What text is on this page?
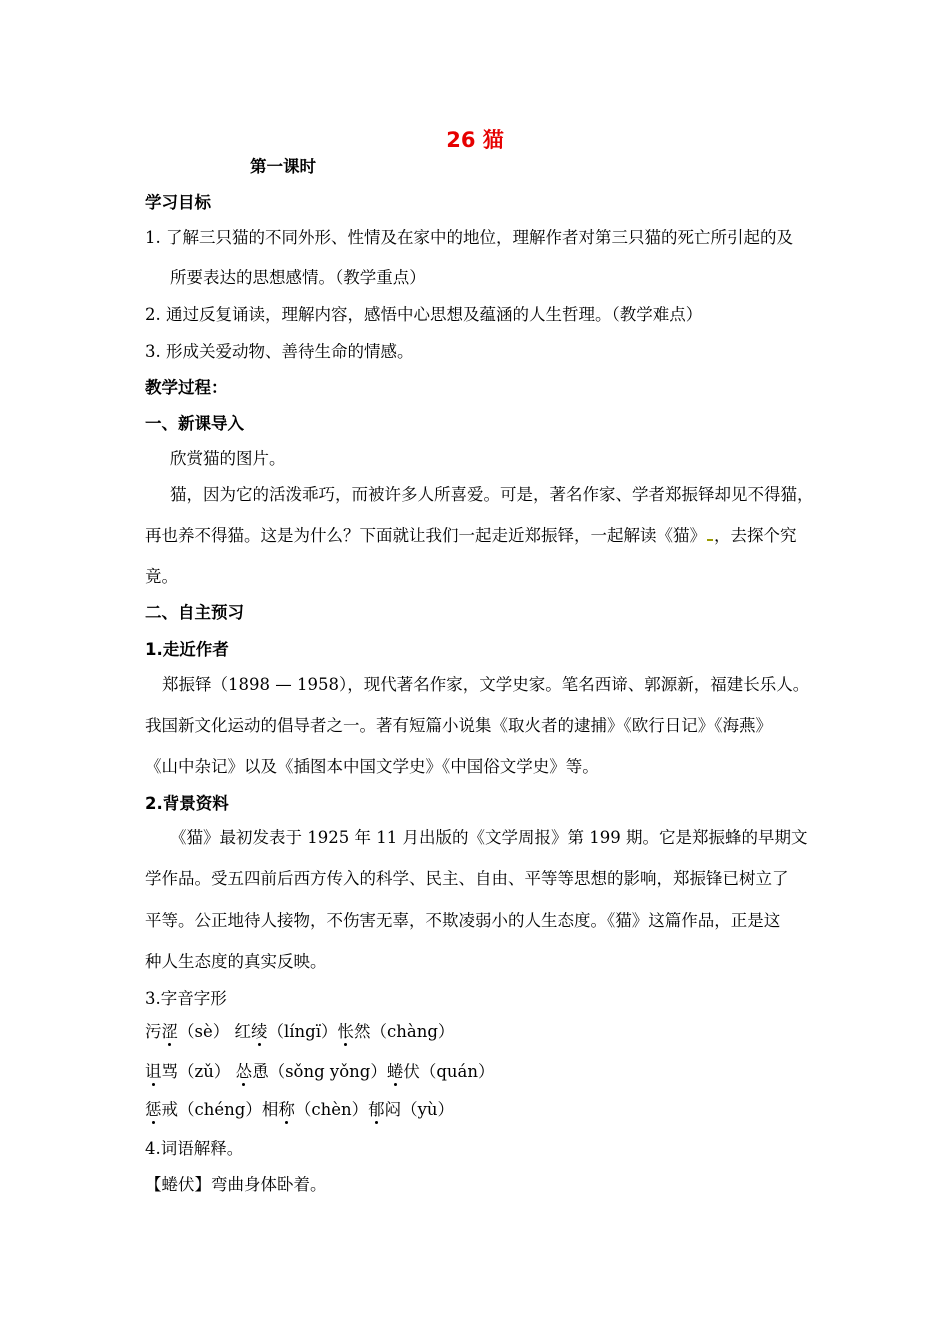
26 猫
第一课时
学习目标
1. 了解三只猫的不同外形、性情及在家中的地位，理解作者对第三只猫的死亡所引起的及
所要表达的思想感情。（教学重点）
2. 通过反复诵读，理解内容，感悟中心思想及蕴涵的人生哲理。（教学难点）
3. 形成关爱动物、善待生命的情感。
教学过程：
一、新课导入
欣赏猫的图片。
猫，因为它的活泼乖巧，而被许多人所喜爱。可是，著名作家、学者郑振铎却见不得猫，
再也养不得猫。这是为什么？下面就让我们一起走近郑振铎，一起解读《猫》 ，去探个究
竟。
二、自主预习
1.走近作者
郑振铎（1898 — 1958），现代著名作家，文学史家。笔名西谛、郭源新，福建长乐人。
我国新文化运动的倡导者之一。著有短篇小说集《取火者的逮捕》《欧行日记》《海燕》
《山中杂记》以及《插图本中国文学史》《中国俗文学史》等。
2.背景资料
《猫》最初发表于 1925 年 11 月出版的《文学周报》第 199 期。它是郑振蜂的早期文
学作品。受五四前后西方传入的科学、民主、自由、平等等思想的影响，郑振锋已树立了
平等。公正地待人接物，不伤害无辜，不欺凌弱小的人生态度。《猫》这篇作品，正是这
种人生态度的真实反映。
3.字音字形
污涩（sè） 红绫（língï）怅然（chàng）
诅骂（zǔ） 怂恿（sǒng yǒng）蜷伏（quán）
惩戒（chéng）相称（chèn）郁闷（yù）
4.词语解释。
【蜷伏】弯曲身体卧着。
